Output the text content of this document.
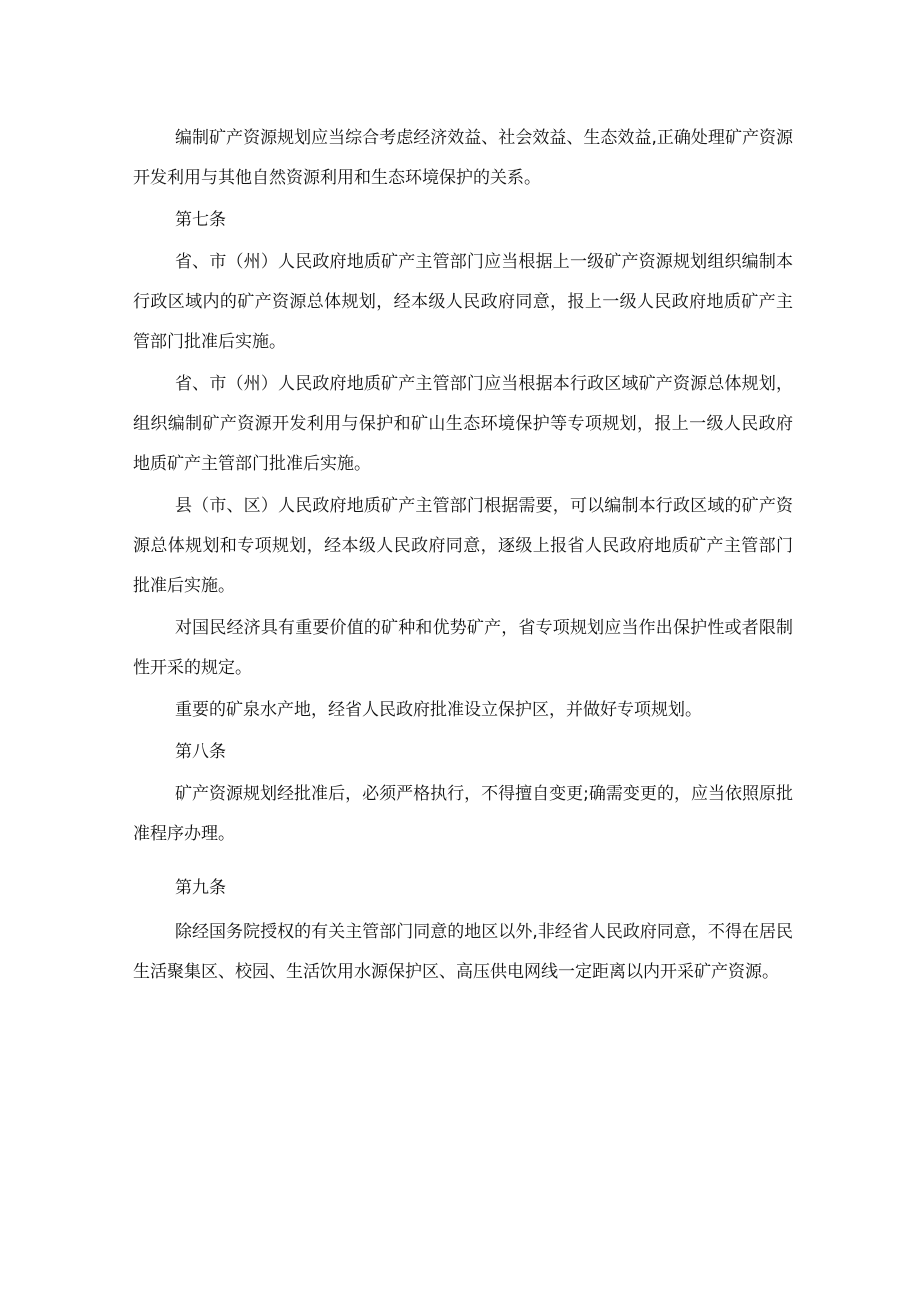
编制矿产资源规划应当综合考虑经济效益、社会效益、生态效益,正确处理矿产资源开发利用与其他自然资源利用和生态环境保护的关系。

第七条

省、市（州）人民政府地质矿产主管部门应当根据上一级矿产资源规划组织编制本行政区域内的矿产资源总体规划，经本级人民政府同意，报上一级人民政府地质矿产主管部门批准后实施。

省、市（州）人民政府地质矿产主管部门应当根据本行政区域矿产资源总体规划，组织编制矿产资源开发利用与保护和矿山生态环境保护等专项规划，报上一级人民政府地质矿产主管部门批准后实施。

县（市、区）人民政府地质矿产主管部门根据需要，可以编制本行政区域的矿产资源总体规划和专项规划，经本级人民政府同意，逐级上报省人民政府地质矿产主管部门批准后实施。

对国民经济具有重要价值的矿种和优势矿产，省专项规划应当作出保护性或者限制性开采的规定。

重要的矿泉水产地，经省人民政府批准设立保护区，并做好专项规划。

第八条

矿产资源规划经批准后，必须严格执行，不得擅自变更;确需变更的，应当依照原批准程序办理。

第九条

除经国务院授权的有关主管部门同意的地区以外,非经省人民政府同意，不得在居民生活聚集区、校园、生活饮用水源保护区、高压供电网线一定距离以内开采矿产资源。
